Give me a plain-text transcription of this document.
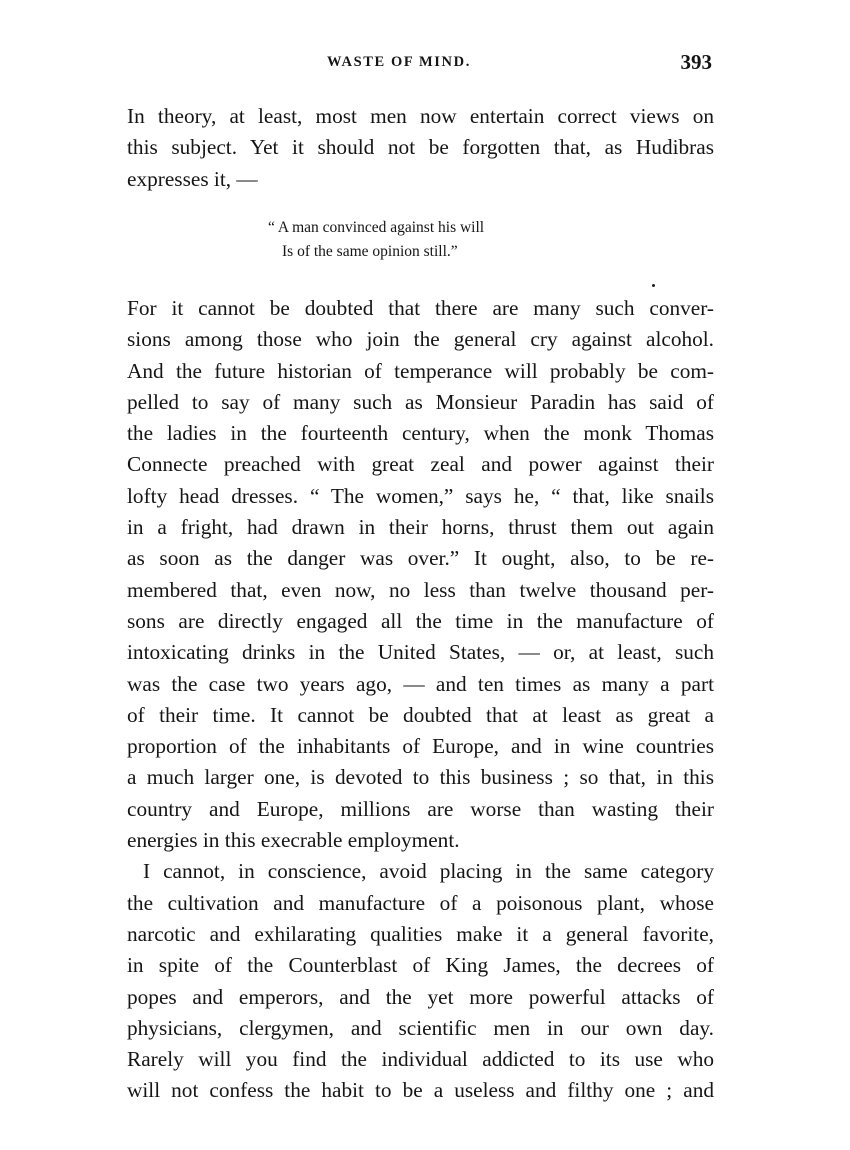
WASTE OF MIND.	393
In theory, at least, most men now entertain correct views on
this subject. Yet it should not be forgotten that, as Hudibras
expresses it, —
“ A man convinced against his will
Is of the same opinion still.”
For it cannot be doubted that there are many such conver-
sions among those who join the general cry against alcohol.
And the future historian of temperance will probably be com-
pelled to say of many such as Monsieur Paradin has said of
the ladies in the fourteenth century, when the monk Thomas
Connecte preached with great zeal and power against their
lofty head dresses. “ The women,” says he, “ that, like snails
in a fright, had drawn in their horns, thrust them out again
as soon as the danger was over.” It ought, also, to be re-
membered that, even now, no less than twelve thousand per-
sons are directly engaged all the time in the manufacture of
intoxicating drinks in the United States, — or, at least, such
was the case two years ago, — and ten times as many a part
of their time. It cannot be doubted that at least as great a
proportion of the inhabitants of Europe, and in wine countries
a much larger one, is devoted to this business ; so that, in this
country and Europe, millions are worse than wasting their
energies in this execrable employment.
I cannot, in conscience, avoid placing in the same category
the cultivation and manufacture of a poisonous plant, whose
narcotic and exhilarating qualities make it a general favorite,
in spite of the Counterblast of King James, the decrees of
popes and emperors, and the yet more powerful attacks of
physicians, clergymen, and scientific men in our own day.
Rarely will you find the individual addicted to its use who
will not confess the habit to be a useless and filthy one ; and
